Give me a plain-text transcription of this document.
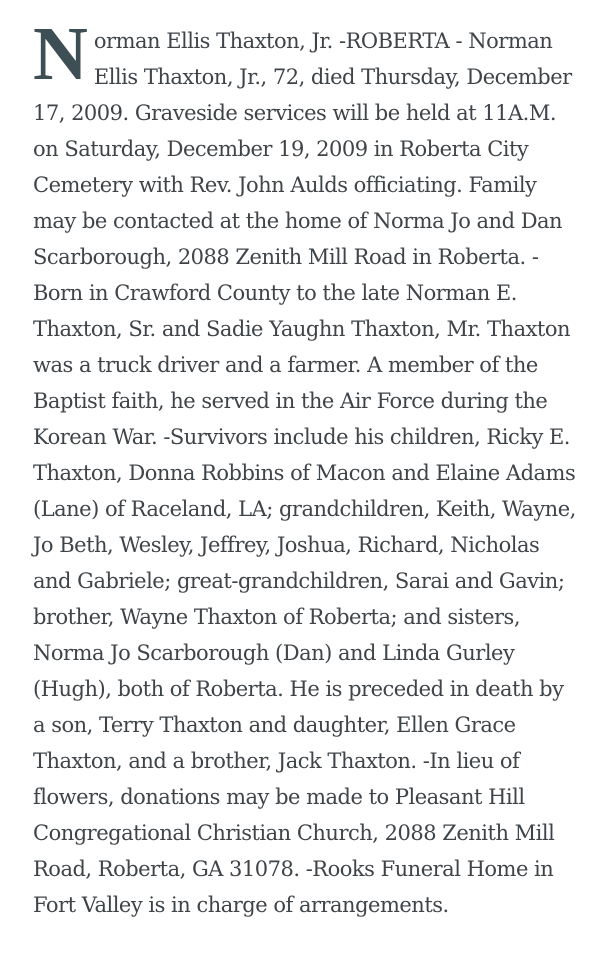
Norman Ellis Thaxton, Jr. -ROBERTA - Norman Ellis Thaxton, Jr., 72, died Thursday, December 17, 2009. Graveside services will be held at 11A.M. on Saturday, December 19, 2009 in Roberta City Cemetery with Rev. John Aulds officiating. Family may be contacted at the home of Norma Jo and Dan Scarborough, 2088 Zenith Mill Road in Roberta. -Born in Crawford County to the late Norman E. Thaxton, Sr. and Sadie Yaughn Thaxton, Mr. Thaxton was a truck driver and a farmer. A member of the Baptist faith, he served in the Air Force during the Korean War. -Survivors include his children, Ricky E. Thaxton, Donna Robbins of Macon and Elaine Adams (Lane) of Raceland, LA; grandchildren, Keith, Wayne, Jo Beth, Wesley, Jeffrey, Joshua, Richard, Nicholas and Gabriele; great-grandchildren, Sarai and Gavin; brother, Wayne Thaxton of Roberta; and sisters, Norma Jo Scarborough (Dan) and Linda Gurley (Hugh), both of Roberta. He is preceded in death by a son, Terry Thaxton and daughter, Ellen Grace Thaxton, and a brother, Jack Thaxton. -In lieu of flowers, donations may be made to Pleasant Hill Congregational Christian Church, 2088 Zenith Mill Road, Roberta, GA 31078. -Rooks Funeral Home in Fort Valley is in charge of arrangements.
